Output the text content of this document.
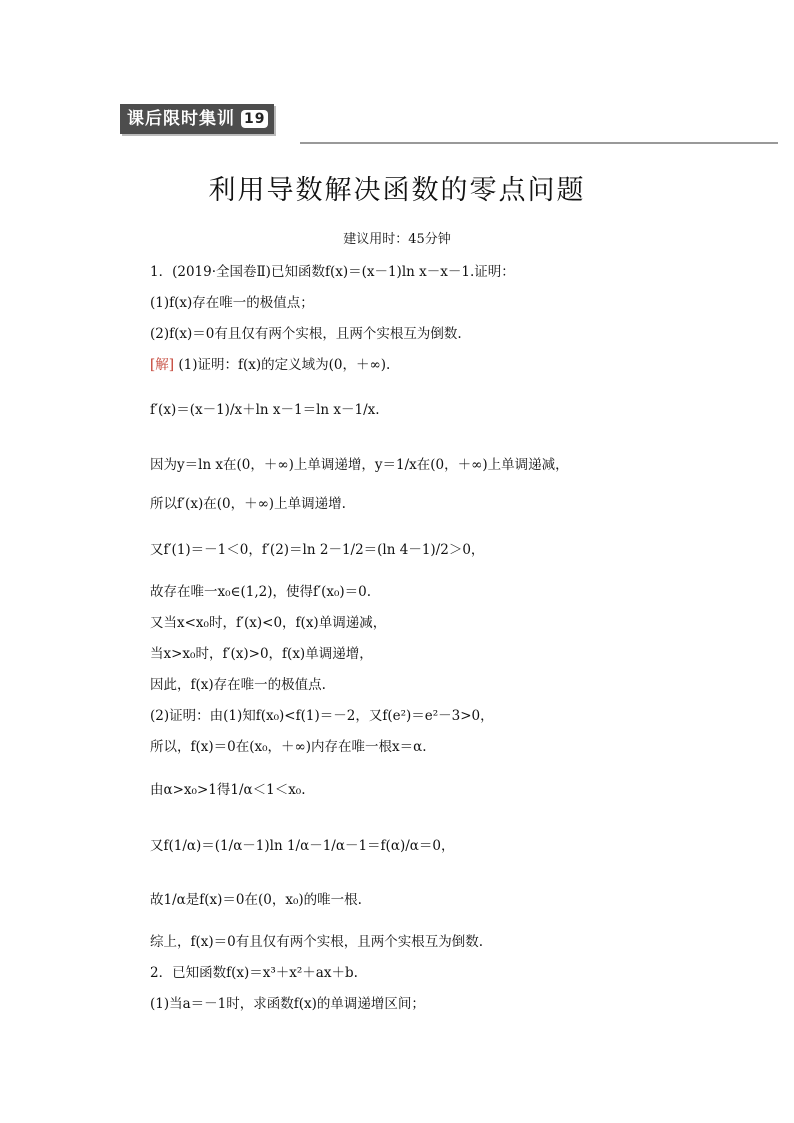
课后限时集训 19
利用导数解决函数的零点问题
建议用时：45分钟
1．(2019·全国卷Ⅱ)已知函数f(x)＝(x－1)ln x－x－1.证明：
(1)f(x)存在唯一的极值点；
(2)f(x)＝0有且仅有两个实根，且两个实根互为倒数.
[解] (1)证明：f(x)的定义域为(0，＋∞).
f′(x)＝(x－1)/x＋ln x－1＝ln x－1/x.
因为y＝ln x在(0，＋∞)上单调递增，y＝1/x在(0，＋∞)上单调递减，
所以f′(x)在(0，＋∞)上单调递增.
又f′(1)＝－1＜0，f′(2)＝ln 2－1/2＝(ln 4－1)/2＞0，
故存在唯一x₀∈(1,2)，使得f′(x₀)＝0.
又当x<x₀时，f′(x)<0，f(x)单调递减，
当x>x₀时，f′(x)>0，f(x)单调递增，
因此，f(x)存在唯一的极值点.
(2)证明：由(1)知f(x₀)<f(1)＝－2，又f(e²)＝e²－3>0，
所以，f(x)＝0在(x₀，＋∞)内存在唯一根x＝α.
由α>x₀>1得1/α＜1＜x₀.
又f(1/α)＝(1/α－1)ln 1/α－1/α－1＝f(α)/α＝0，
故1/α是f(x)＝0在(0，x₀)的唯一根.
综上，f(x)＝0有且仅有两个实根，且两个实根互为倒数.
2．已知函数f(x)＝x³＋x²＋ax＋b.
(1)当a＝－1时，求函数f(x)的单调递增区间；
